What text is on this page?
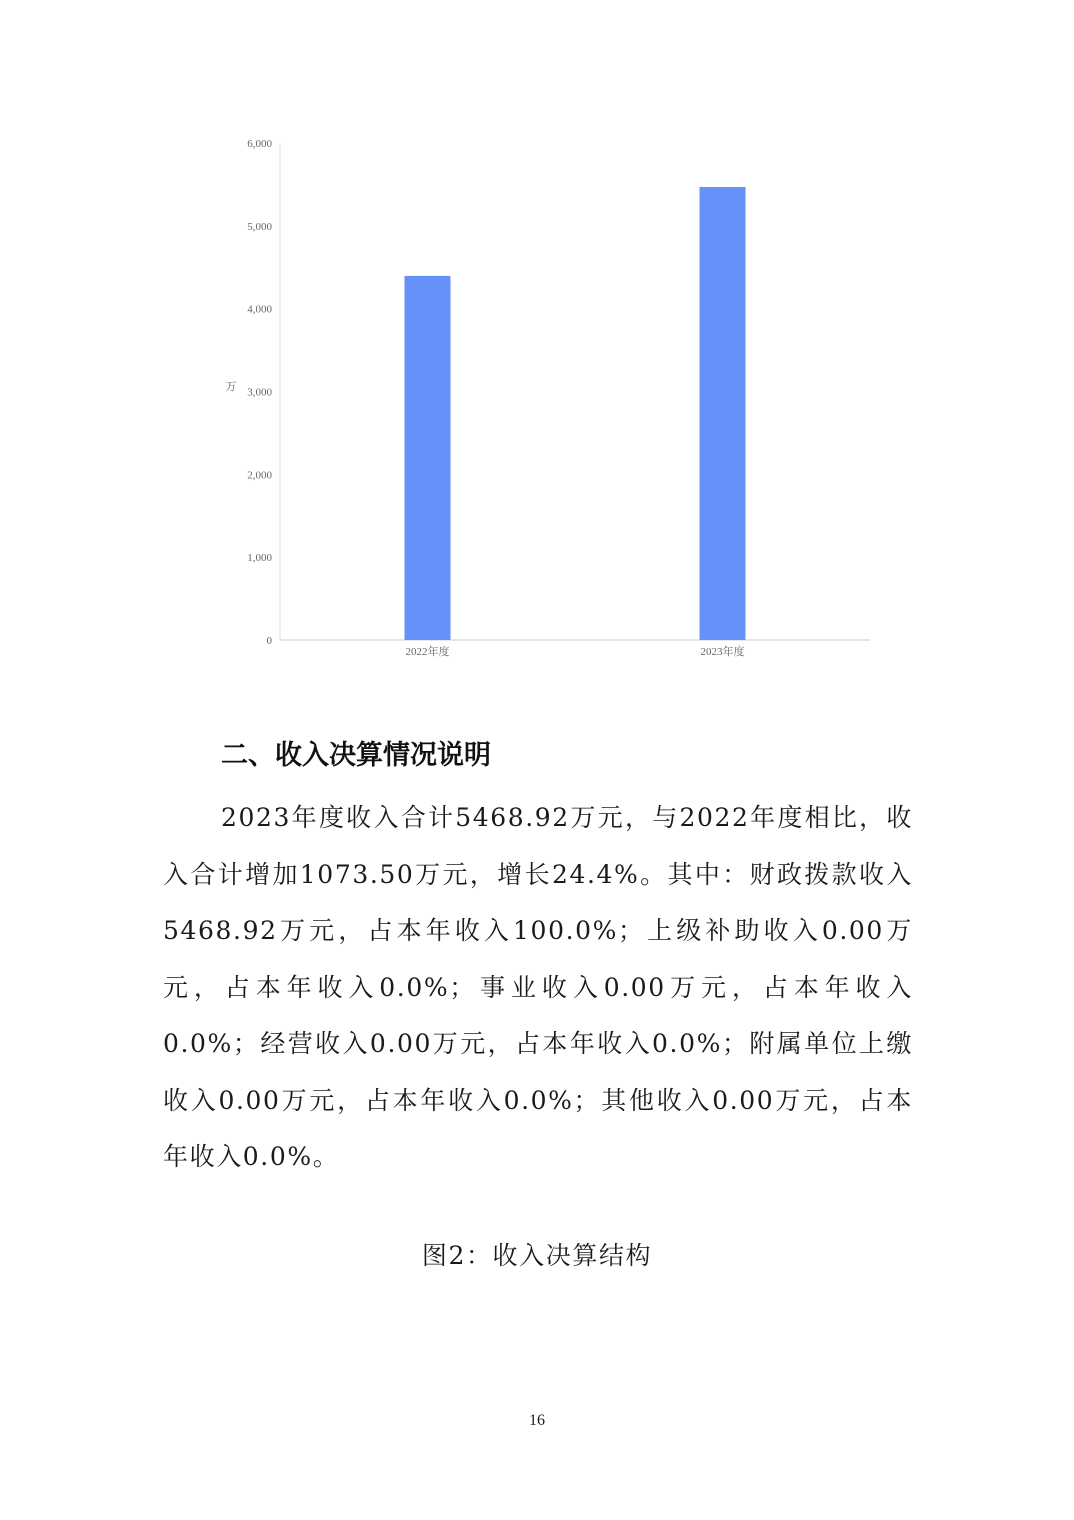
0
1,000
2,000
3,000
4,000
5,000
6,000
2022年度	2023年度
万
二、收入决算情况说明

2023年度收入合计5468.92万元，与2022年度相比，收入合计增加1073.50万元，增长24.4%。其中：财政拨款收入5468.92万元，占本年收入100.0%；上级补助收入0.00万元，占本年收入0.0%；事业收入0.00万元，占本年收入0.0%；经营收入0.00万元，占本年收入0.0%；附属单位上缴收入0.00万元，占本年收入0.0%；其他收入0.00万元，占本年收入0.0%。

图2：收入决算结构

16
